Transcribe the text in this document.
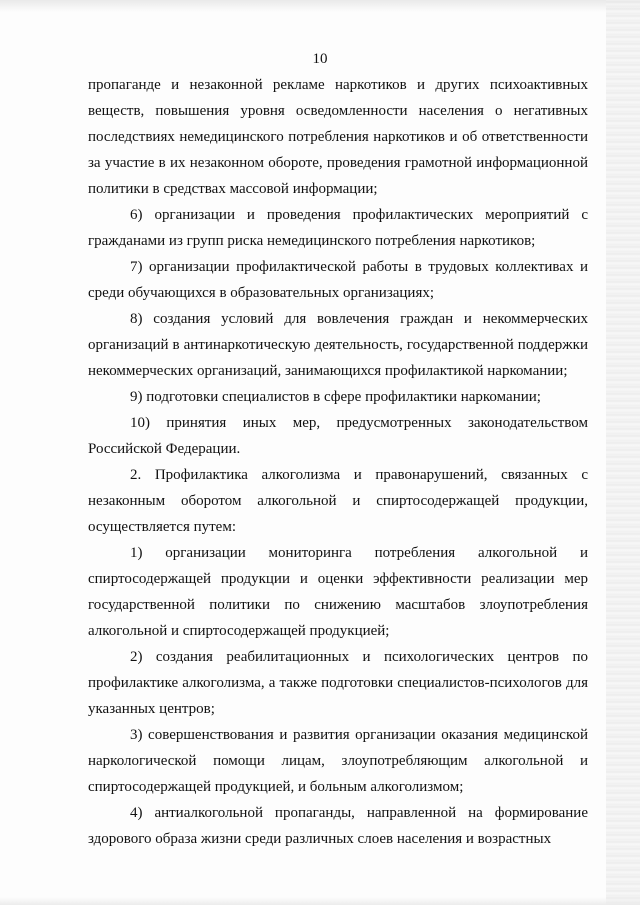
10

пропаганде и незаконной рекламе наркотиков и других психоактивных веществ, повышения уровня осведомленности населения о негативных последствиях немедицинского потребления наркотиков и об ответственности за участие в их незаконном обороте, проведения грамотной информационной политики в средствах массовой информации;

6) организации и проведения профилактических мероприятий с гражданами из групп риска немедицинского потребления наркотиков;

7) организации профилактической работы в трудовых коллективах и среди обучающихся в образовательных организациях;

8) создания условий для вовлечения граждан и некоммерческих организаций в антинаркотическую деятельность, государственной поддержки некоммерческих организаций, занимающихся профилактикой наркомании;

9) подготовки специалистов в сфере профилактики наркомании;

10) принятия иных мер, предусмотренных законодательством Российской Федерации.

2. Профилактика алкоголизма и правонарушений, связанных с незаконным оборотом алкогольной и спиртосодержащей продукции, осуществляется путем:

1) организации мониторинга потребления алкогольной и спиртосодержащей продукции и оценки эффективности реализации мер государственной политики по снижению масштабов злоупотребления алкогольной и спиртосодержащей продукцией;

2) создания реабилитационных и психологических центров по профилактике алкоголизма, а также подготовки специалистов-психологов для указанных центров;

3) совершенствования и развития организации оказания медицинской наркологической помощи лицам, злоупотребляющим алкогольной и спиртосодержащей продукцией, и больным алкоголизмом;

4) антиалкогольной пропаганды, направленной на формирование здорового образа жизни среди различных слоев населения и возрастных
